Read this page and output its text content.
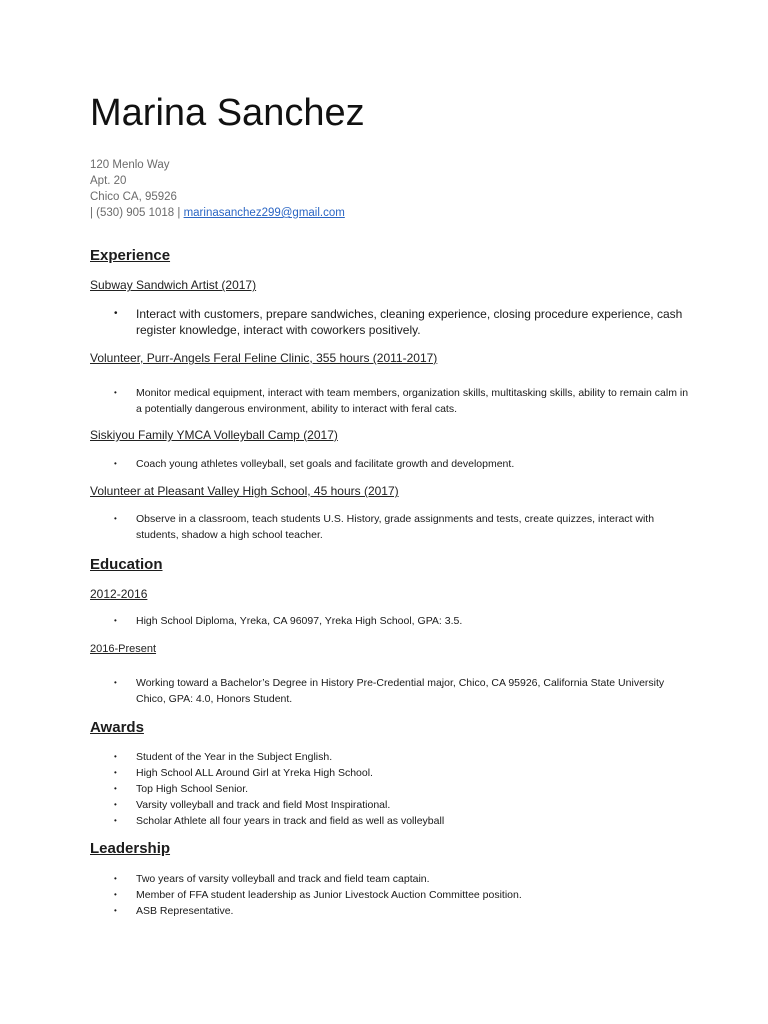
Marina Sanchez
120 Menlo Way
Apt. 20
Chico CA, 95926
| (530) 905 1018 | marinasanchez299@gmail.com
Experience
Subway Sandwich Artist (2017)
• Interact with customers, prepare sandwiches, cleaning experience, closing procedure experience, cash register knowledge, interact with coworkers positively.
Volunteer, Purr-Angels Feral Feline Clinic, 355 hours (2011-2017)
• Monitor medical equipment, interact with team members, organization skills, multitasking skills, ability to remain calm in a potentially dangerous environment, ability to interact with feral cats.
Siskiyou Family YMCA Volleyball Camp (2017)
• Coach young athletes volleyball, set goals and facilitate growth and development.
Volunteer at Pleasant Valley High School, 45 hours (2017)
• Observe in a classroom, teach students U.S. History, grade assignments and tests, create quizzes, interact with students, shadow a high school teacher.
Education
2012-2016
• High School Diploma, Yreka, CA 96097, Yreka High School, GPA: 3.5.
2016-Present
• Working toward a Bachelor’s Degree in History Pre-Credential major, Chico, CA 95926, California State University Chico, GPA: 4.0, Honors Student.
Awards
• Student of the Year in the Subject English.
• High School ALL Around Girl at Yreka High School.
• Top High School Senior.
• Varsity volleyball and track and field Most Inspirational.
• Scholar Athlete all four years in track and field as well as volleyball
Leadership
• Two years of varsity volleyball and track and field team captain.
• Member of FFA student leadership as Junior Livestock Auction Committee position.
• ASB Representative.
